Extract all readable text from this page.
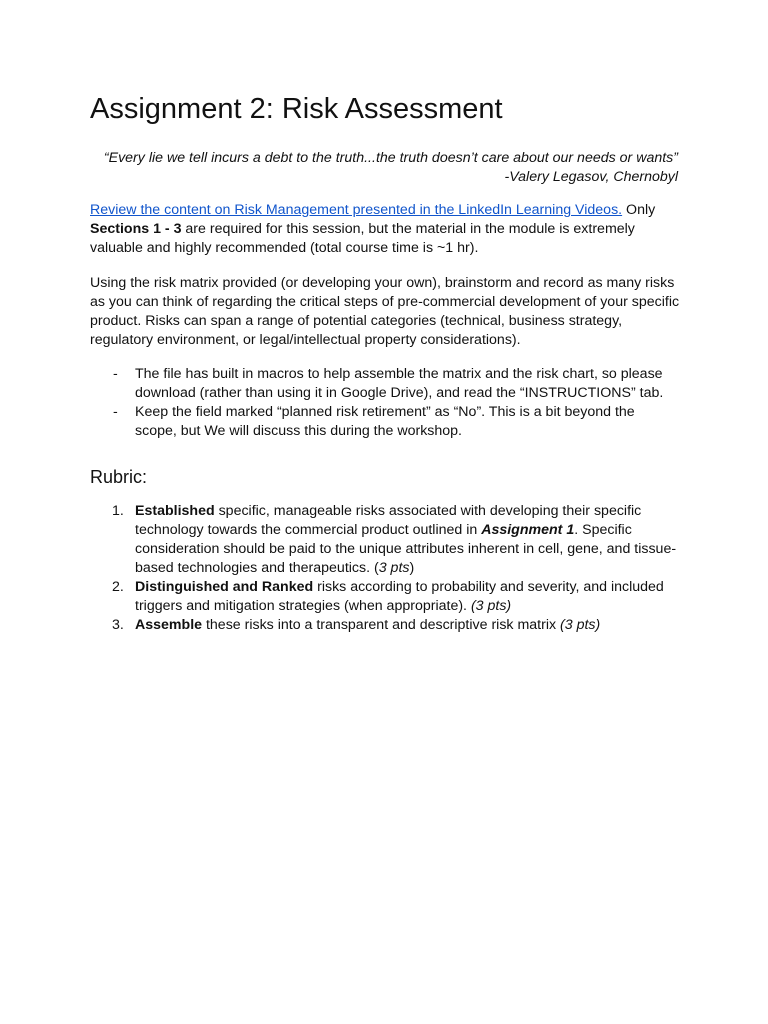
Assignment 2: Risk Assessment
“Every lie we tell incurs a debt to the truth...the truth doesn’t care about our needs or wants”
-Valery Legasov, Chernobyl

Review the content on Risk Management presented in the LinkedIn Learning Videos. Only Sections 1 - 3 are required for this session, but the material in the module is extremely valuable and highly recommended (total course time is ~1 hr).

Using the risk matrix provided (or developing your own), brainstorm and record as many risks as you can think of regarding the critical steps of pre-commercial development of your specific product. Risks can span a range of potential categories (technical, business strategy, regulatory environment, or legal/intellectual property considerations).

- The file has built in macros to help assemble the matrix and the risk chart, so please download (rather than using it in Google Drive), and read the “INSTRUCTIONS” tab.
- Keep the field marked “planned risk retirement” as “No”. This is a bit beyond the scope, but We will discuss this during the workshop.
Rubric:
1. Established specific, manageable risks associated with developing their specific technology towards the commercial product outlined in Assignment 1. Specific consideration should be paid to the unique attributes inherent in cell, gene, and tissue-based technologies and therapeutics. (3 pts)
2. Distinguished and Ranked risks according to probability and severity, and included triggers and mitigation strategies (when appropriate). (3 pts)
3. Assemble these risks into a transparent and descriptive risk matrix (3 pts)
